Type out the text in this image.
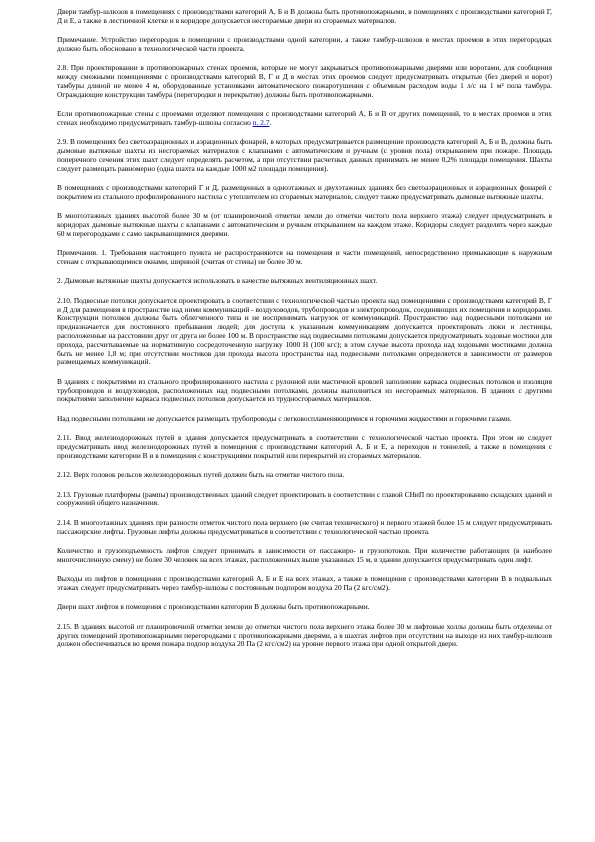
Двери тамбур-шлюзов в помещениях с производствами категорий А, Б и В должны быть противопожарными, в помещениях с производствами категорий Г, Д и Е, а также в лестничной клетке и в коридоре допускается несгораемые двери из сгораемых материалов.

Примечание. Устройство перегородок в помещении с производствами одной категории, а также тамбур-шлюзов в местах проемов в этих перегородках должно быть обосновано в технологической части проекта.

2.8. При проектировании в противопожарных стенах проемов, которые не могут закрываться противопожарными дверями или воротами, для сообщения между смежными помещениями с производствами категорий В, Г и Д в местах этих проемов следует предусматривать открытые (без дверей и ворот) тамбуры длиной не менее 4 м, оборудованные установками автоматического пожаротушения с объемным расходом воды 1 л/с на 1 м² пола тамбура. Ограждающие конструкции тамбура (перегородки и перекрытие) должны быть противопожарными.

Если противопожарные стены с проемами отделяют помещения с производствами категорий А, Б и В от других помещений, то в местах проемов в этих стенах необходимо предусматривать тамбур-шлюзы согласно п. 2.7.

2.9. В помещениях без светоаэрационных и аэрационных фонарей, в которых предусматривается размещение производств категорий А, Б и В, должны быть дымовые вытяжные шахты из несгораемых материалов с клапанами с автоматическим и ручным (с уровня пола) открыванием при пожаре. Площадь поперечного сечения этих шахт следует определять расчетом, а при отсутствии расчетных данных принимать не менее 0,2% площади помещения. Шахты следует размещать равномерно (одна шахта на каждые 1000 м2 площади помещения).

В помещениях с производствами категорий Г и Д, размещенных в одноэтажных и двухэтажных зданиях без светоаэрационных и аэрационных фонарей с покрытием из стального профилированного настила с утеплителем из сгораемых материалов, следует также предусматривать дымовые вытяжные шахты.

В многоэтажных зданиях высотой более 30 м (от планировочной отметки земли до отметки чистого пола верхнего этажа) следует предусматривать в коридорах дымовые вытяжные шахты с клапанами с автоматическим и ручным открыванием на каждом этаже. Коридоры следует разделять через каждые 60 м перегородками с само закрывающимися дверями.

Примечания. 1. Требования настоящего пункта не распространяются на помещения и части помещений, непосредственно примыкающие к наружным стенам с открывающимися окнами, шириной (считая от стены) не более 30 м.

2. Дымовые вытяжные шахты допускается использовать в качестве вытяжных вентиляционных шахт.

2.10. Подвесные потолки допускается проектировать в соответствии с технологической частью проекта над помещениями с производствами категорий В, Г и Д для размещения в пространстве над ними коммуникаций - воздуховодов, трубопроводов и электропроводок, соединяющих их помещения и коридорами. Конструкции потолков должны быть облегченного типа и не воспринимать нагрузок от коммуникаций. Пространство над подвесными потолками не предназначается для постоянного пребывания людей; для доступа к указанным коммуникациям допускается проектировать люки и лестницы, расположенные на расстоянии друг от друга не более 100 м. В пространстве над подвесными потолками допускается предусматривать ходовые мостики для прохода, рассчитываемые на нормативную сосредоточенную нагрузку 1000 Н (100 кгс); в этом случае высота прохода над ходовыми мостиками должна быть не менее 1,8 м; при отсутствии мостиков для прохода высота пространства над подвесными потолками определяется в зависимости от размеров размещаемых коммуникаций.

В зданиях с покрытиями из стального профилированного настила с рулонной или мастичной кровлей заполнение каркаса подвесных потолков и изоляция трубопроводов и воздуховодов, расположенных над подвесными потолками, должны выполняться из несгораемых материалов. В зданиях с другими покрытиями заполнение каркаса подвесных потолков допускается из трудносгораемых материалов.

Над подвесными потолками не допускается размещать трубопроводы с легковоспламеняющимися и горючими жидкостями и горючими газами.

2.11. Ввод железнодорожных путей в здания допускается предусматривать в соответствии с технологической частью проекта. При этом не следует предусматривать ввод железнодорожных путей в помещения с производствами категорий А, Б и Е, а переходов и тоннелей, а также в помещения с производствами категории В и в помещения с конструкциями покрытий или перекрытий из сгораемых материалов.

2.12. Верх головок рельсов железнодорожных путей должен быть на отметке чистого пола.

2.13. Грузовые платформы (рампы) производственных зданий следует проектировать в соответствии с главой СНиП по проектированию складских зданий и сооружений общего назначения.

2.14. В многоэтажных зданиях при разности отметок чистого пола верхнего (не считая технического) и первого этажей более 15 м следует предусматривать пассажирские лифты. Грузовые лифты должны предусматриваться в соответствии с технологической частью проекта.

Количество и грузоподъемность лифтов следует принимать в зависимости от пассажиро- и грузопотоков. При количестве работающих (в наиболее многочисленную смену) не более 30 человек на всех этажах, расположенных выше указанных 15 м, в здании допускается предусматривать один лифт.

Выходы из лифтов в помещения с производствами категорий А, Б и Е на всех этажах, а также в помещения с производствами категории В в подвальных этажах следует предусматривать через тамбур-шлюзы с постоянным подпором воздуха 20 Па (2 кгс/см2).

Двери шахт лифтов в помещения с производствами категории В должны быть противопожарными.

2.15. В зданиях высотой от планировочной отметки земли до отметки чистого пола верхнего этажа более 30 м лифтовые холлы должны быть отделены от других помещений противопожарными перегородками с противопожарными дверями, а в шахтах лифтов при отсутствии на выходе из них тамбур-шлюзов должен обеспечиваться во время пожара подпор воздуха 20 Па (2 кгс/см2) на уровне первого этажа при одной открытой двери.
